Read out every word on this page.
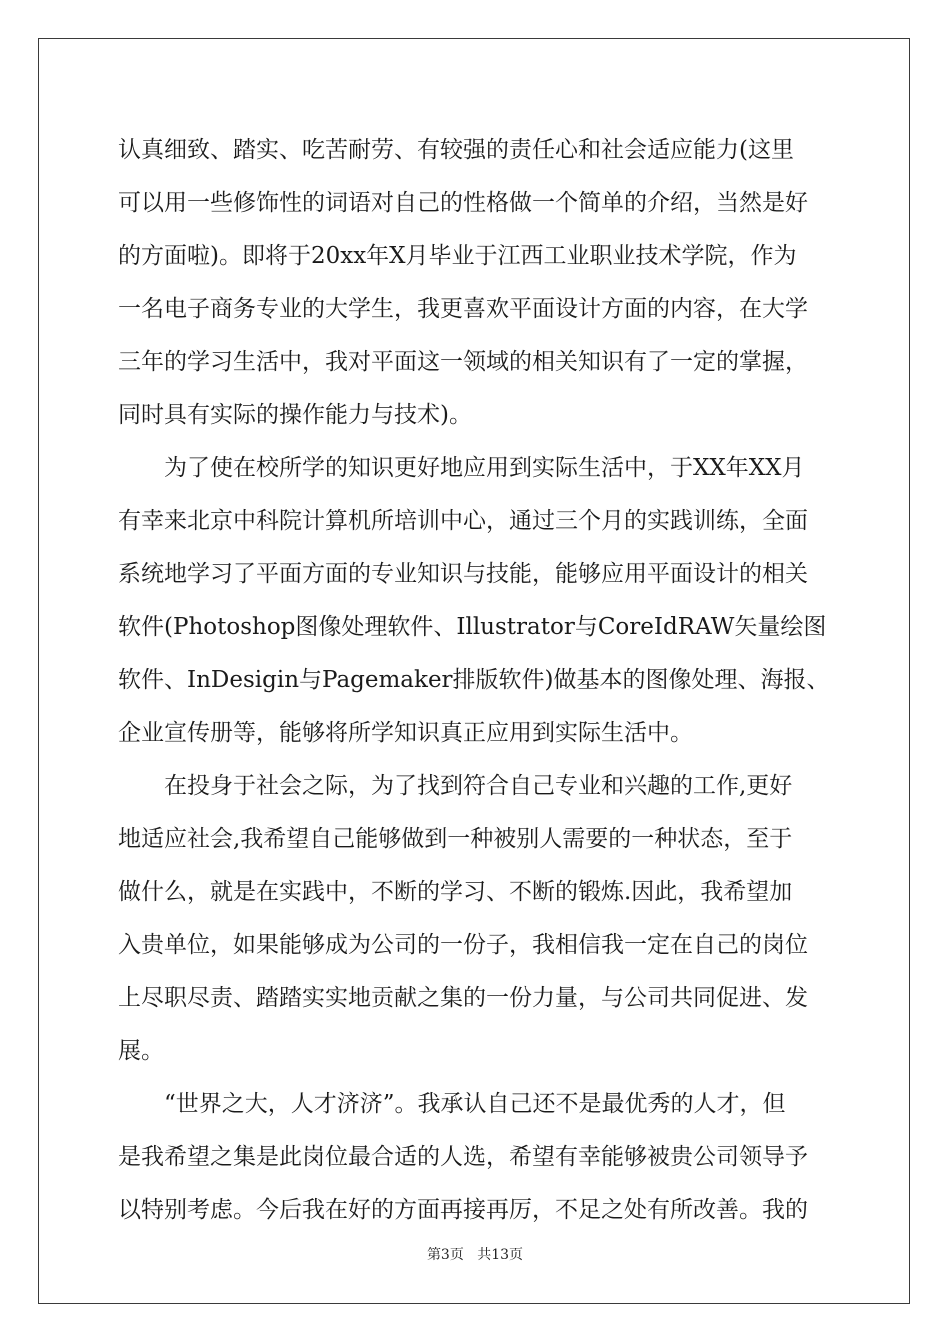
认真细致、踏实、吃苦耐劳、有较强的责任心和社会适应能力(这里
可以用一些修饰性的词语对自己的性格做一个简单的介绍，当然是好
的方面啦)。即将于20xx年X月毕业于江西工业职业技术学院，作为
一名电子商务专业的大学生，我更喜欢平面设计方面的内容，在大学
三年的学习生活中，我对平面这一领域的相关知识有了一定的掌握，
同时具有实际的操作能力与技术)。
为了使在校所学的知识更好地应用到实际生活中，于XX年XX月
有幸来北京中科院计算机所培训中心，通过三个月的实践训练，全面
系统地学习了平面方面的专业知识与技能，能够应用平面设计的相关
软件(Photoshop图像处理软件、Illustrator与CoreIdRAW矢量绘图
软件、InDesigin与Pagemaker排版软件)做基本的图像处理、海报、
企业宣传册等，能够将所学知识真正应用到实际生活中。
在投身于社会之际，为了找到符合自己专业和兴趣的工作,更好
地适应社会,我希望自己能够做到一种被别人需要的一种状态，至于
做什么，就是在实践中，不断的学习、不断的锻炼.因此，我希望加
入贵单位，如果能够成为公司的一份子，我相信我一定在自己的岗位
上尽职尽责、踏踏实实地贡献之集的一份力量，与公司共同促进、发
展。
“世界之大，人才济济”。我承认自己还不是最优秀的人才，但
是我希望之集是此岗位最合适的人选，希望有幸能够被贵公司领导予
以特别考虑。今后我在好的方面再接再厉，不足之处有所改善。我的
第3页 共13页
